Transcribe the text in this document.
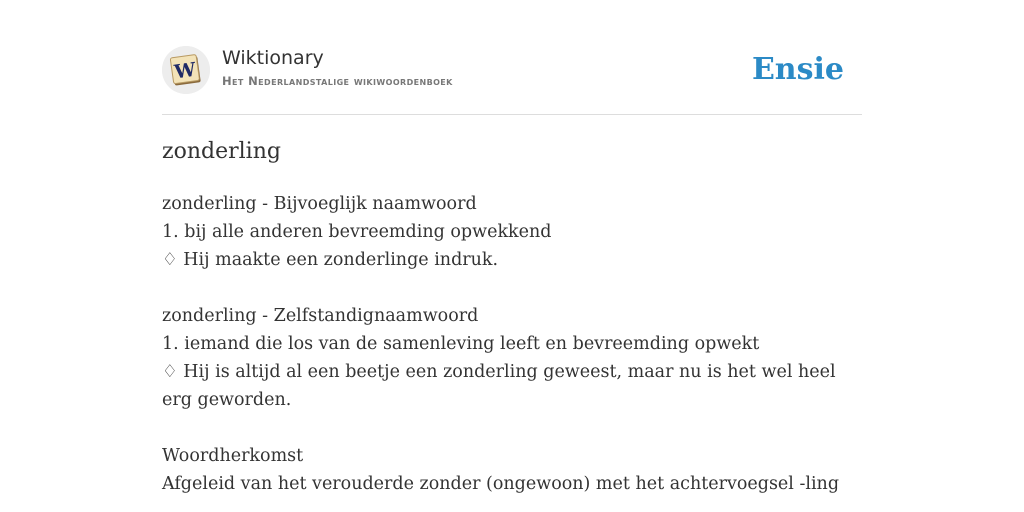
W
Wiktionary
Het Nederlandstalige wikiwoordenboek	Ensie
zonderling
zonderling - Bijvoeglijk naamwoord
1. bij alle anderen bevreemding opwekkend
♢ Hij maakte een zonderlinge indruk.
zonderling - Zelfstandignaamwoord
1. iemand die los van de samenleving leeft en bevreemding opwekt
♢ Hij is altijd al een beetje een zonderling geweest, maar nu is het wel heel erg geworden.
Woordherkomst
Afgeleid van het verouderde zonder (ongewoon) met het achtervoegsel -ling
